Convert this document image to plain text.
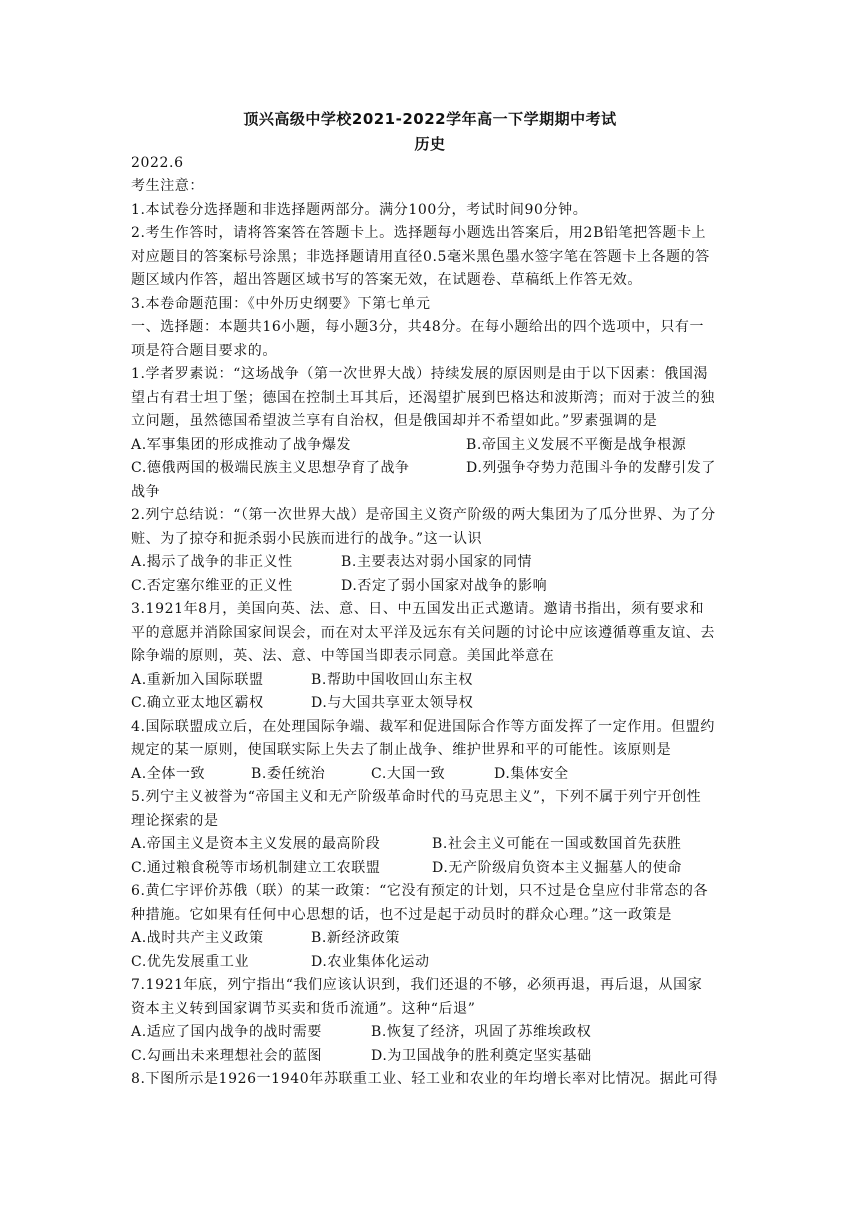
顶兴高级中学校2021-2022学年高一下学期期中考试
历史
2022.6
考生注意：
1.本试卷分选择题和非选择题两部分。满分100分，考试时间90分钟。
2.考生作答时，请将答案答在答题卡上。选择题每小题选出答案后，用2B铅笔把答题卡上
对应题目的答案标号涂黑；非选择题请用直径0.5毫米黑色墨水签字笔在答题卡上各题的答
题区域内作答，超出答题区域书写的答案无效，在试题卷、草稿纸上作答无效。
3.本卷命题范围：《中外历史纲要》下第七单元
一、选择题：本题共16小题，每小题3分，共48分。在每小题给出的四个选项中，只有一
项是符合题目要求的。
1.学者罗素说：“这场战争（第一次世界大战）持续发展的原因则是由于以下因素：俄国渴
望占有君士坦丁堡；德国在控制土耳其后，还渴望扩展到巴格达和波斯湾；而对于波兰的独
立问题，虽然德国希望波兰享有自治权，但是俄国却并不希望如此。”罗素强调的是
A.军事集团的形成推动了战争爆发	B.帝国主义发展不平衡是战争根源
C.德俄两国的极端民族主义思想孕育了战争	D.列强争夺势力范围斗争的发酵引发了
战争
2.列宁总结说：“（第一次世界大战）是帝国主义资产阶级的两大集团为了瓜分世界、为了分
赃、为了掠夺和扼杀弱小民族而进行的战争。”这一认识
A.揭示了战争的非正义性	B.主要表达对弱小国家的同情
C.否定塞尔维亚的正义性	D.否定了弱小国家对战争的影响
3.1921年8月，美国向英、法、意、日、中五国发出正式邀请。邀请书指出，须有要求和
平的意愿并消除国家间误会，而在对太平洋及远东有关问题的讨论中应该遵循尊重友谊、去
除争端的原则，英、法、意、中等国当即表示同意。美国此举意在
A.重新加入国际联盟	B.帮助中国收回山东主权
C.确立亚太地区霸权	D.与大国共享亚太领导权
4.国际联盟成立后，在处理国际争端、裁军和促进国际合作等方面发挥了一定作用。但盟约
规定的某一原则，使国联实际上失去了制止战争、维护世界和平的可能性。该原则是
A.全体一致	B.委任统治	C.大国一致	D.集体安全
5.列宁主义被誉为“帝国主义和无产阶级革命时代的马克思主义”，下列不属于列宁开创性
理论探索的是
A.帝国主义是资本主义发展的最高阶段	B.社会主义可能在一国或数国首先获胜
C.通过粮食税等市场机制建立工农联盟	D.无产阶级肩负资本主义掘墓人的使命
6.黄仁宇评价苏俄（联）的某一政策：“它没有预定的计划，只不过是仓皇应付非常态的各
种措施。它如果有任何中心思想的话，也不过是起于动员时的群众心理。”这一政策是
A.战时共产主义政策	B.新经济政策
C.优先发展重工业	D.农业集体化运动
7.1921年底，列宁指出“我们应该认识到，我们还退的不够，必须再退，再后退，从国家
资本主义转到国家调节买卖和货币流通”。这种“后退”
A.适应了国内战争的战时需要	B.恢复了经济，巩固了苏维埃政权
C.勾画出未来理想社会的蓝图	D.为卫国战争的胜利奠定坚实基础
8.下图所示是1926一1940年苏联重工业、轻工业和农业的年均增长率对比情况。据此可得
